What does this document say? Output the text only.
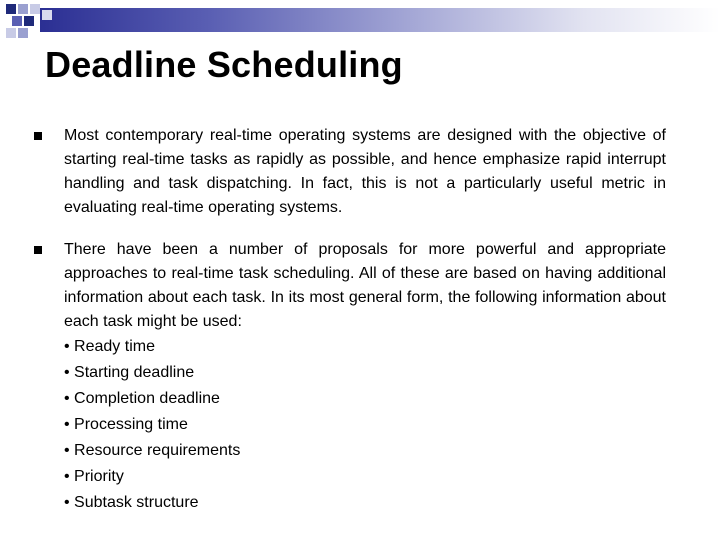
Deadline Scheduling
Most contemporary real-time operating systems are designed with the objective of starting real-time tasks as rapidly as possible, and hence emphasize rapid interrupt handling and task dispatching. In fact, this is not a particularly useful metric in evaluating real-time operating systems.
There have been a number of proposals for more powerful and appropriate approaches to real-time task scheduling. All of these are based on having additional information about each task. In its most general form, the following information about each task might be used:
• Ready time
• Starting deadline
• Completion deadline
• Processing time
• Resource requirements
• Priority
• Subtask structure
